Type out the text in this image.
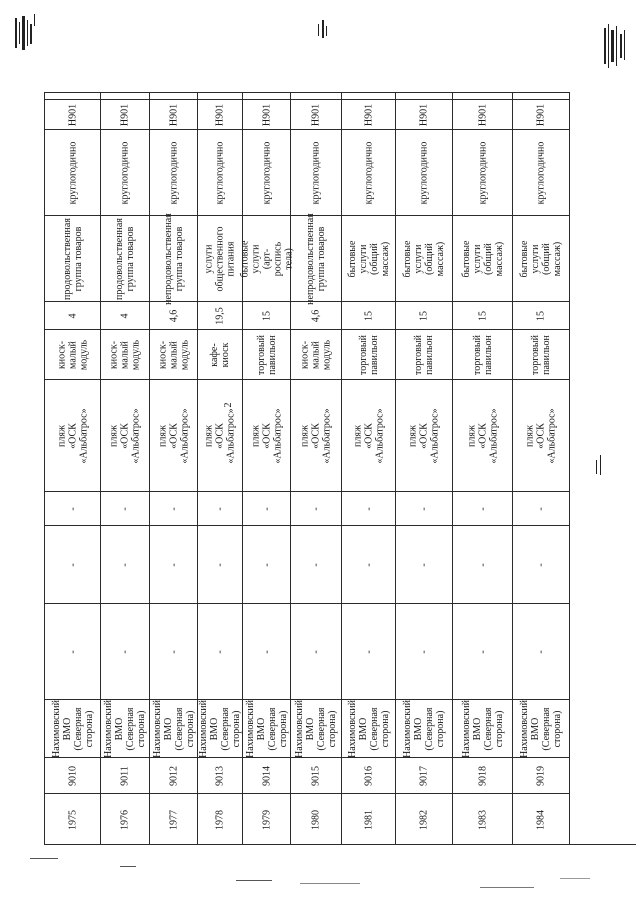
2
1975
9010
Нахимовский
ВМО
(Северная
сторона)
-
-
-
пляж
«ОСК «Альбатрос»
киоск-малый
модуль
4
продовольственная
группа товаров
круглогодично
Н901
1976
9011
Нахимовский
ВМО
(Северная
сторона)
-
-
-
пляж
«ОСК «Альбатрос»
киоск-малый
модуль
4
продовольственная
группа товаров
круглогодично
Н901
1977
9012
Нахимовский
ВМО
(Северная
сторона)
-
-
-
пляж
«ОСК «Альбатрос»
киоск-малый
модуль
4,6
непродовольственная
группа товаров
круглогодично
Н901
1978
9013
Нахимовский
ВМО
(Северная
сторона)
-
-
-
пляж
«ОСК «Альбатрос»
кафе-киоск
19,5
услуги общественного
питания
круглогодично
Н901
1979
9014
Нахимовский
ВМО
(Северная
сторона)
-
-
-
пляж
«ОСК «Альбатрос»
торговый
павильон
15
бытовые услуги (арт-
роспись тела)
круглогодично
Н901
1980
9015
Нахимовский
ВМО
(Северная
сторона)
-
-
-
пляж
«ОСК «Альбатрос»
киоск-малый
модуль
4,6
непродовольственная
группа товаров
круглогодично
Н901
1981
9016
Нахимовский
ВМО
(Северная
сторона)
-
-
-
пляж
«ОСК «Альбатрос»
торговый
павильон
15
бытовые услуги (общий
массаж)
круглогодично
Н901
1982
9017
Нахимовский
ВМО
(Северная
сторона)
-
-
-
пляж
«ОСК «Альбатрос»
торговый
павильон
15
бытовые услуги (общий
массаж)
круглогодично
Н901
1983
9018
Нахимовский
ВМО
(Северная
сторона)
-
-
-
пляж
«ОСК «Альбатрос»
торговый
павильон
15
бытовые услуги (общий
массаж)
круглогодично
Н901
1984
9019
Нахимовский
ВМО
(Северная
сторона)
-
-
-
пляж
«ОСК «Альбатрос»
торговый
павильон
15
бытовые услуги (общий
массаж)
круглогодично
Н901
